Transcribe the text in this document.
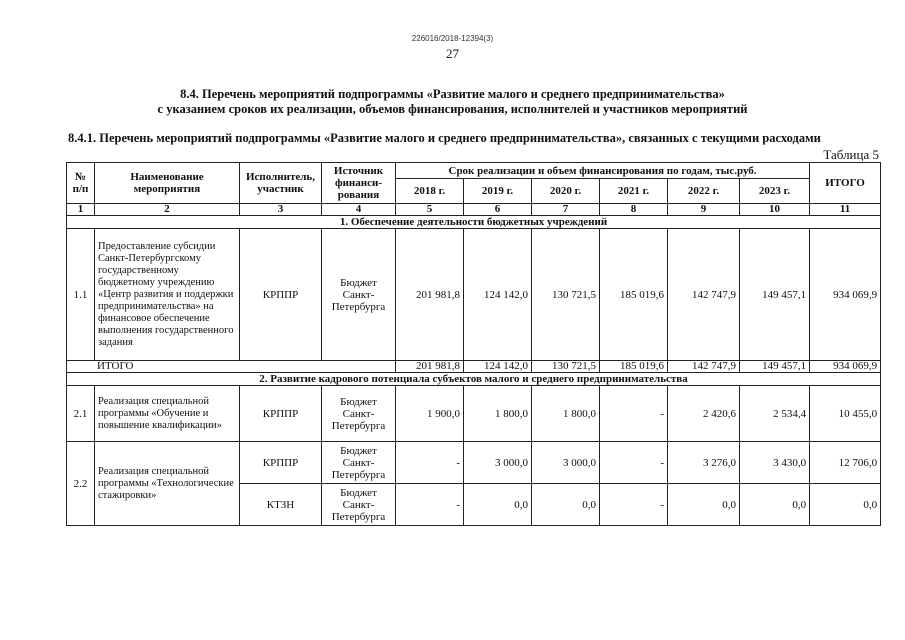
226016/2018-12394(3)
27
8.4. Перечень мероприятий подпрограммы «Развитие малого и среднего предпринимательства»
с указанием сроков их реализации, объемов финансирования, исполнителей и участников мероприятий
8.4.1. Перечень мероприятий подпрограммы «Развитие малого и среднего предпринимательства», связанных с текущими расходами
Таблица 5
№ п/п	Наименование мероприятия	Исполнитель, участник	Источник финанси-рования	Срок реализации и объем финансирования по годам, тыс.руб.						ИТОГО
				2018 г.	2019 г.	2020 г.	2021 г.	2022 г.	2023 г.	
1	2	3	4	5	6	7	8	9	10	11
1. Обеспечение деятельности бюджетных учреждений										
1.1	Предоставление субсидии Санкт-Петербургскому государственному бюджетному учреждению «Центр развития и поддержки предпринимательства» на финансовое обеспечение выполнения государственного задания	КРППР	Бюджет Санкт-Петербурга	201 981,8	124 142,0	130 721,5	185 019,6	142 747,9	149 457,1	934 069,9
ИТОГО				201 981,8	124 142,0	130 721,5	185 019,6	142 747,9	149 457,1	934 069,9
2. Развитие кадрового потенциала субъектов малого и среднего предпринимательства										
2.1	Реализация специальной программы «Обучение и повышение квалификации»	КРППР	Бюджет Санкт-Петербурга	1 900,0	1 800,0	1 800,0	-	2 420,6	2 534,4	10 455,0
2.2	Реализация специальной программы «Технологические стажировки»	КРППР	Бюджет Санкт-Петербурга	-	3 000,0	3 000,0	-	3 276,0	3 430,0	12 706,0
		КТЗН	Бюджет Санкт-Петербурга	-	0,0	0,0	-	0,0	0,0	0,0
